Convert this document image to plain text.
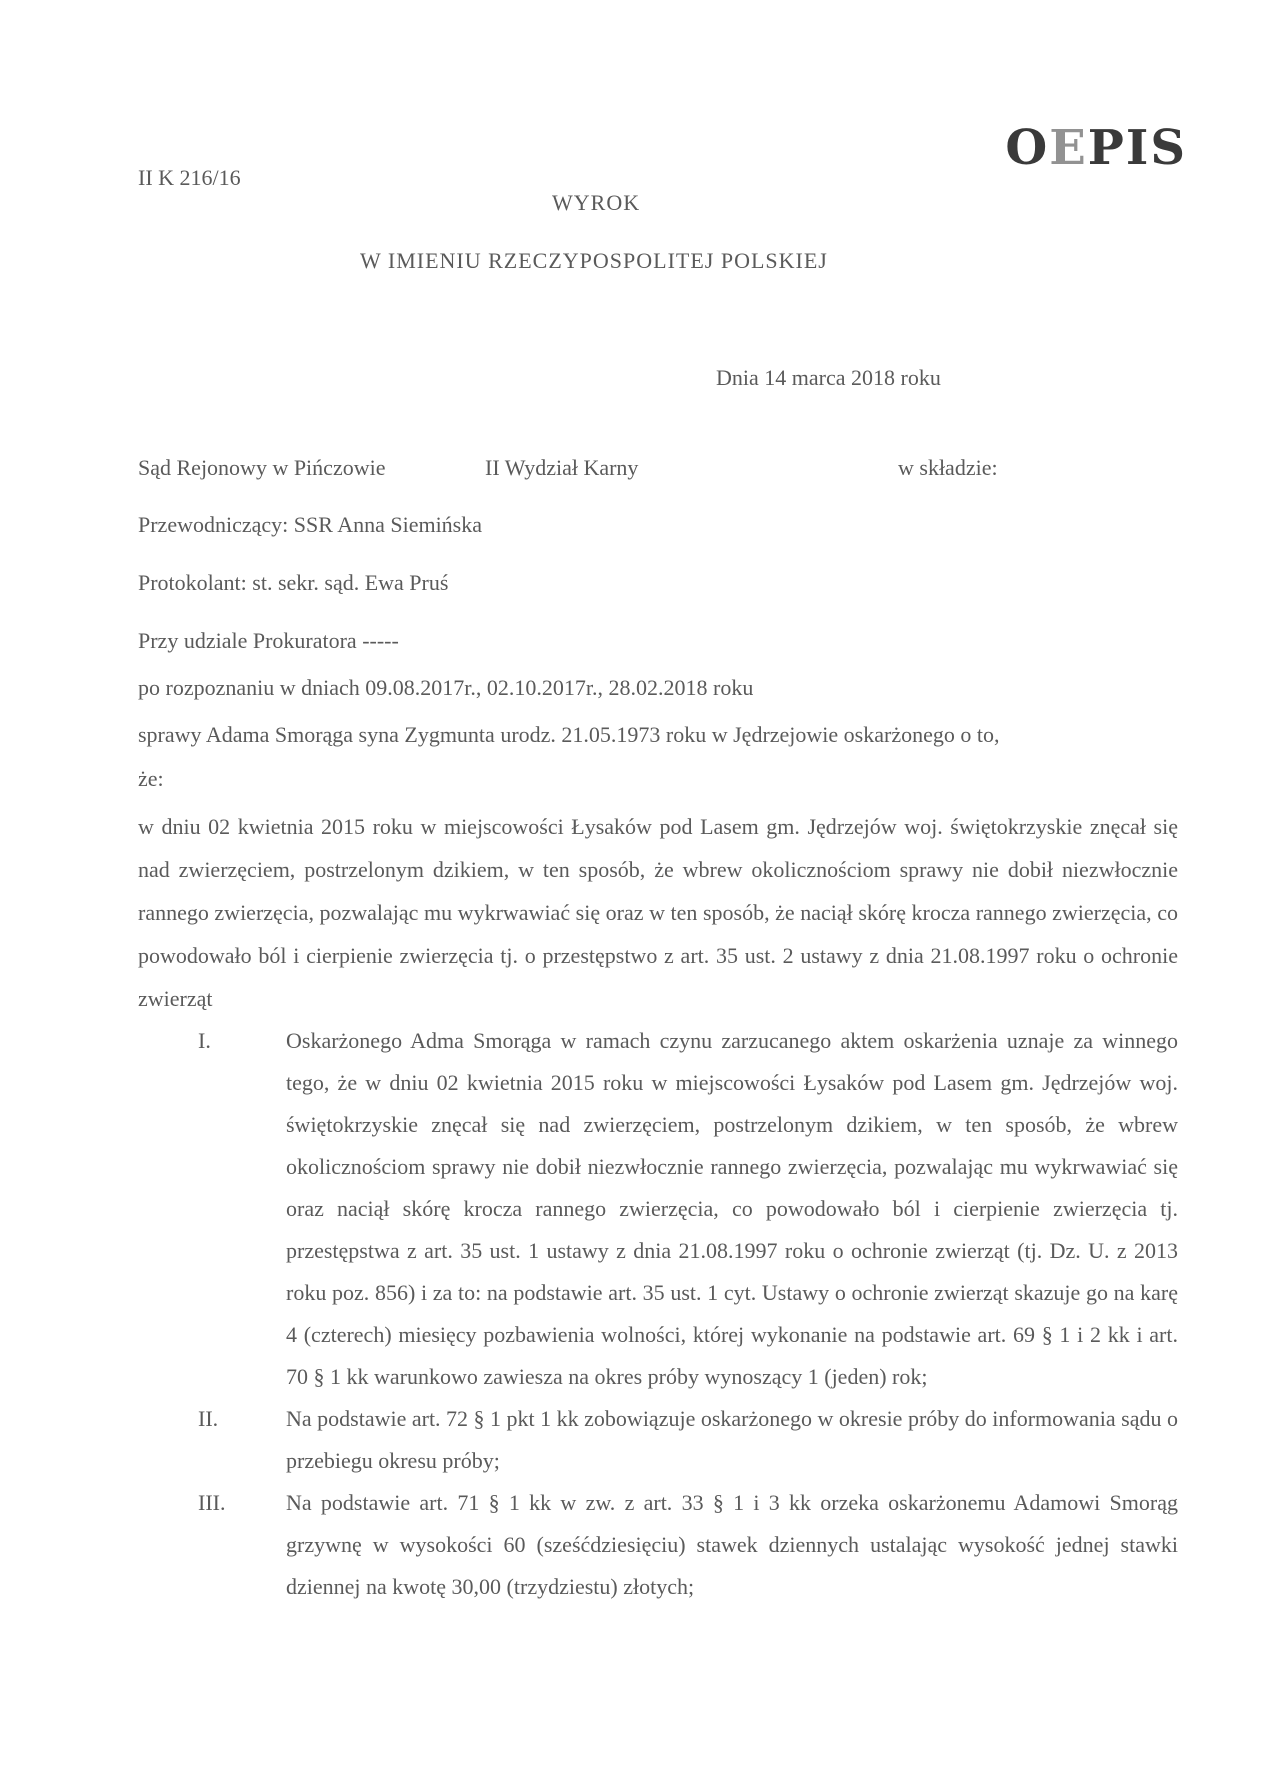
II K 216/16
OEPIS
WYROK
W IMIENIU RZECZYPOSPOLITEJ POLSKIEJ
Dnia 14 marca 2018 roku
Sąd Rejonowy w Pińczowie	II Wydział Karny	w składzie:
Przewodniczący: SSR Anna Siemińska
Protokolant: st. sekr. sąd. Ewa Pruś
Przy udziale Prokuratora -----
po rozpoznaniu w dniach 09.08.2017r., 02.10.2017r., 28.02.2018 roku
sprawy Adama Smorąga syna Zygmunta urodz. 21.05.1973 roku w Jędrzejowie oskarżonego o to,
że:
w dniu 02 kwietnia 2015 roku w miejscowości Łysaków pod Lasem gm. Jędrzejów woj. świętokrzyskie znęcał się nad zwierzęciem, postrzelonym dzikiem, w ten sposób, że wbrew okolicznościom sprawy nie dobił niezwłocznie rannego zwierzęcia, pozwalając mu wykrwawiać się oraz w ten sposób, że naciął skórę krocza rannego zwierzęcia, co powodowało ból i cierpienie zwierzęcia tj. o przestępstwo z art. 35 ust. 2 ustawy z dnia 21.08.1997 roku o ochronie zwierząt
I.	Oskarżonego Adma Smorąga w ramach czynu zarzucanego aktem oskarżenia uznaje za winnego tego, że w dniu 02 kwietnia 2015 roku w miejscowości Łysaków pod Lasem gm. Jędrzejów woj. świętokrzyskie znęcał się nad zwierzęciem, postrzelonym dzikiem, w ten sposób, że wbrew okolicznościom sprawy nie dobił niezwłocznie rannego zwierzęcia, pozwalając mu wykrwawiać się oraz naciął skórę krocza rannego zwierzęcia, co powodowało ból i cierpienie zwierzęcia tj. przestępstwa z art. 35 ust. 1 ustawy z dnia 21.08.1997 roku o ochronie zwierząt (tj. Dz. U. z 2013 roku poz. 856) i za to: na podstawie art. 35 ust. 1 cyt. Ustawy o ochronie zwierząt skazuje go na karę 4 (czterech) miesięcy pozbawienia wolności, której wykonanie na podstawie art. 69 § 1 i 2 kk i art. 70 § 1 kk warunkowo zawiesza na okres próby wynoszący 1 (jeden) rok;
II.	Na podstawie art. 72 § 1 pkt 1 kk zobowiązuje oskarżonego w okresie próby do informowania sądu o przebiegu okresu próby;
III.	Na podstawie art. 71 § 1 kk w zw. z art. 33 § 1 i 3 kk orzeka oskarżonemu Adamowi Smorąg grzywnę w wysokości 60 (sześćdziesięciu) stawek dziennych ustalając wysokość jednej stawki dziennej na kwotę 30,00 (trzydziestu) złotych;
